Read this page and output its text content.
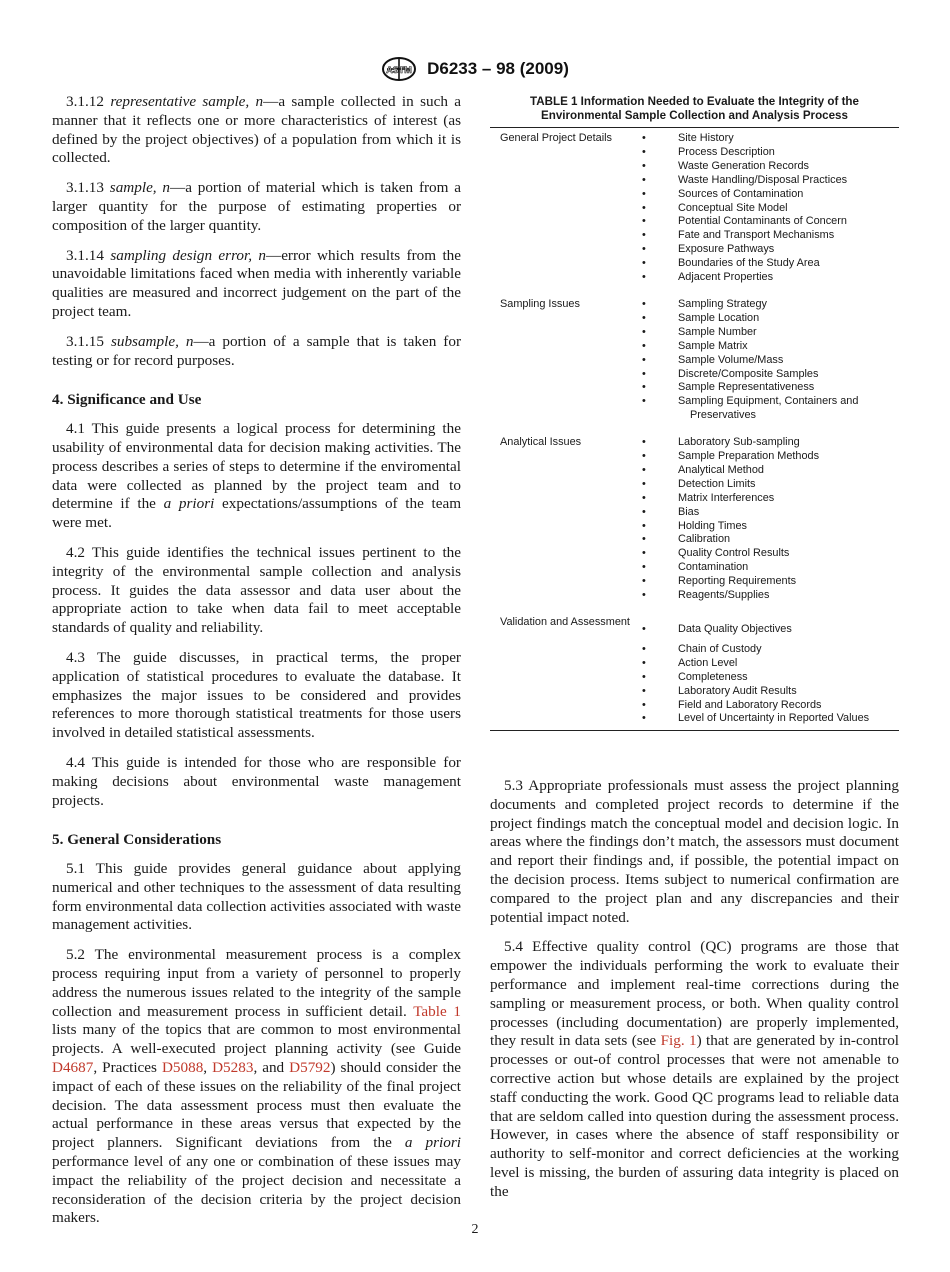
ASTM D6233 – 98 (2009)

3.1.12 representative sample, n—a sample collected in such a manner that it reflects one or more characteristics of interest (as defined by the project objectives) of a population from which it is collected.

3.1.13 sample, n—a portion of material which is taken from a larger quantity for the purpose of estimating properties or composition of the larger quantity.

3.1.14 sampling design error, n—error which results from the unavoidable limitations faced when media with inherently variable qualities are measured and incorrect judgement on the part of the project team.

3.1.15 subsample, n—a portion of a sample that is taken for testing or for record purposes.

4. Significance and Use

4.1 This guide presents a logical process for determining the usability of environmental data for decision making activities. The process describes a series of steps to determine if the enviromental data were collected as planned by the project team and to determine if the a priori expectations/assumptions of the team were met.

4.2 This guide identifies the technical issues pertinent to the integrity of the environmental sample collection and analysis process. It guides the data assessor and data user about the appropriate action to take when data fail to meet acceptable standards of quality and reliability.

4.3 The guide discusses, in practical terms, the proper application of statistical procedures to evaluate the database. It emphasizes the major issues to be considered and provides references to more thorough statistical treatments for those users involved in detailed statistical assessments.

4.4 This guide is intended for those who are responsible for making decisions about environmental waste management projects.

5. General Considerations

5.1 This guide provides general guidance about applying numerical and other techniques to the assessment of data resulting form environmental data collection activities associated with waste management activities.

5.2 The environmental measurement process is a complex process requiring input from a variety of personnel to properly address the numerous issues related to the integrity of the sample collection and measurement process in sufficient detail. Table 1 lists many of the topics that are common to most environmental projects. A well-executed project planning activity (see Guide D4687, Practices D5088, D5283, and D5792) should consider the impact of each of these issues on the reliability of the final project decision. The data assessment process must then evaluate the actual performance in these areas versus that expected by the project planners. Significant deviations from the a priori performance level of any one or combination of these issues may impact the reliability of the project decision and necessitate a reconsideration of the decision criteria by the project decision makers.

TABLE 1 Information Needed to Evaluate the Integrity of the
Environmental Sample Collection and Analysis Process
General Project Details	•	Site History
•	Process Description
•	Waste Generation Records
•	Waste Handling/Disposal Practices
•	Sources of Contamination
•	Conceptual Site Model
•	Potential Contaminants of Concern
•	Fate and Transport Mechanisms
•	Exposure Pathways
•	Boundaries of the Study Area
•	Adjacent Properties
Sampling Issues	•	Sampling Strategy
•	Sample Location
•	Sample Number
•	Sample Matrix
•	Sample Volume/Mass
•	Discrete/Composite Samples
•	Sample Representativeness
•	Sampling Equipment, Containers and
Preservatives
Analytical Issues	•	Laboratory Sub-sampling
•	Sample Preparation Methods
•	Analytical Method
•	Detection Limits
•	Matrix Interferences
•	Bias
•	Holding Times
•	Calibration
•	Quality Control Results
•	Contamination
•	Reporting Requirements
•	Reagents/Supplies
Validation and Assessment
•	Data Quality Objectives
•	Chain of Custody
•	Action Level
•	Completeness
•	Laboratory Audit Results
•	Field and Laboratory Records
•	Level of Uncertainty in Reported Values

5.3 Appropriate professionals must assess the project planning documents and completed project records to determine if the project findings match the conceptual model and decision logic. In areas where the findings don’t match, the assessors must document and report their findings and, if possible, the potential impact on the decision process. Items subject to numerical confirmation are compared to the project plan and any discrepancies and their potential impact noted.

5.4 Effective quality control (QC) programs are those that empower the individuals performing the work to evaluate their performance and implement real-time corrections during the sampling or measurement process, or both. When quality control processes (including documentation) are properly implemented, they result in data sets (see Fig. 1) that are generated by in-control processes or out-of control processes that were not amenable to corrective action but whose details are explained by the project staff conducting the work. Good QC programs lead to reliable data that are seldom called into question during the assessment process. However, in cases where the absence of staff responsibility or authority to self-monitor and correct deficiencies at the working level is missing, the burden of assuring data integrity is placed on the

2
